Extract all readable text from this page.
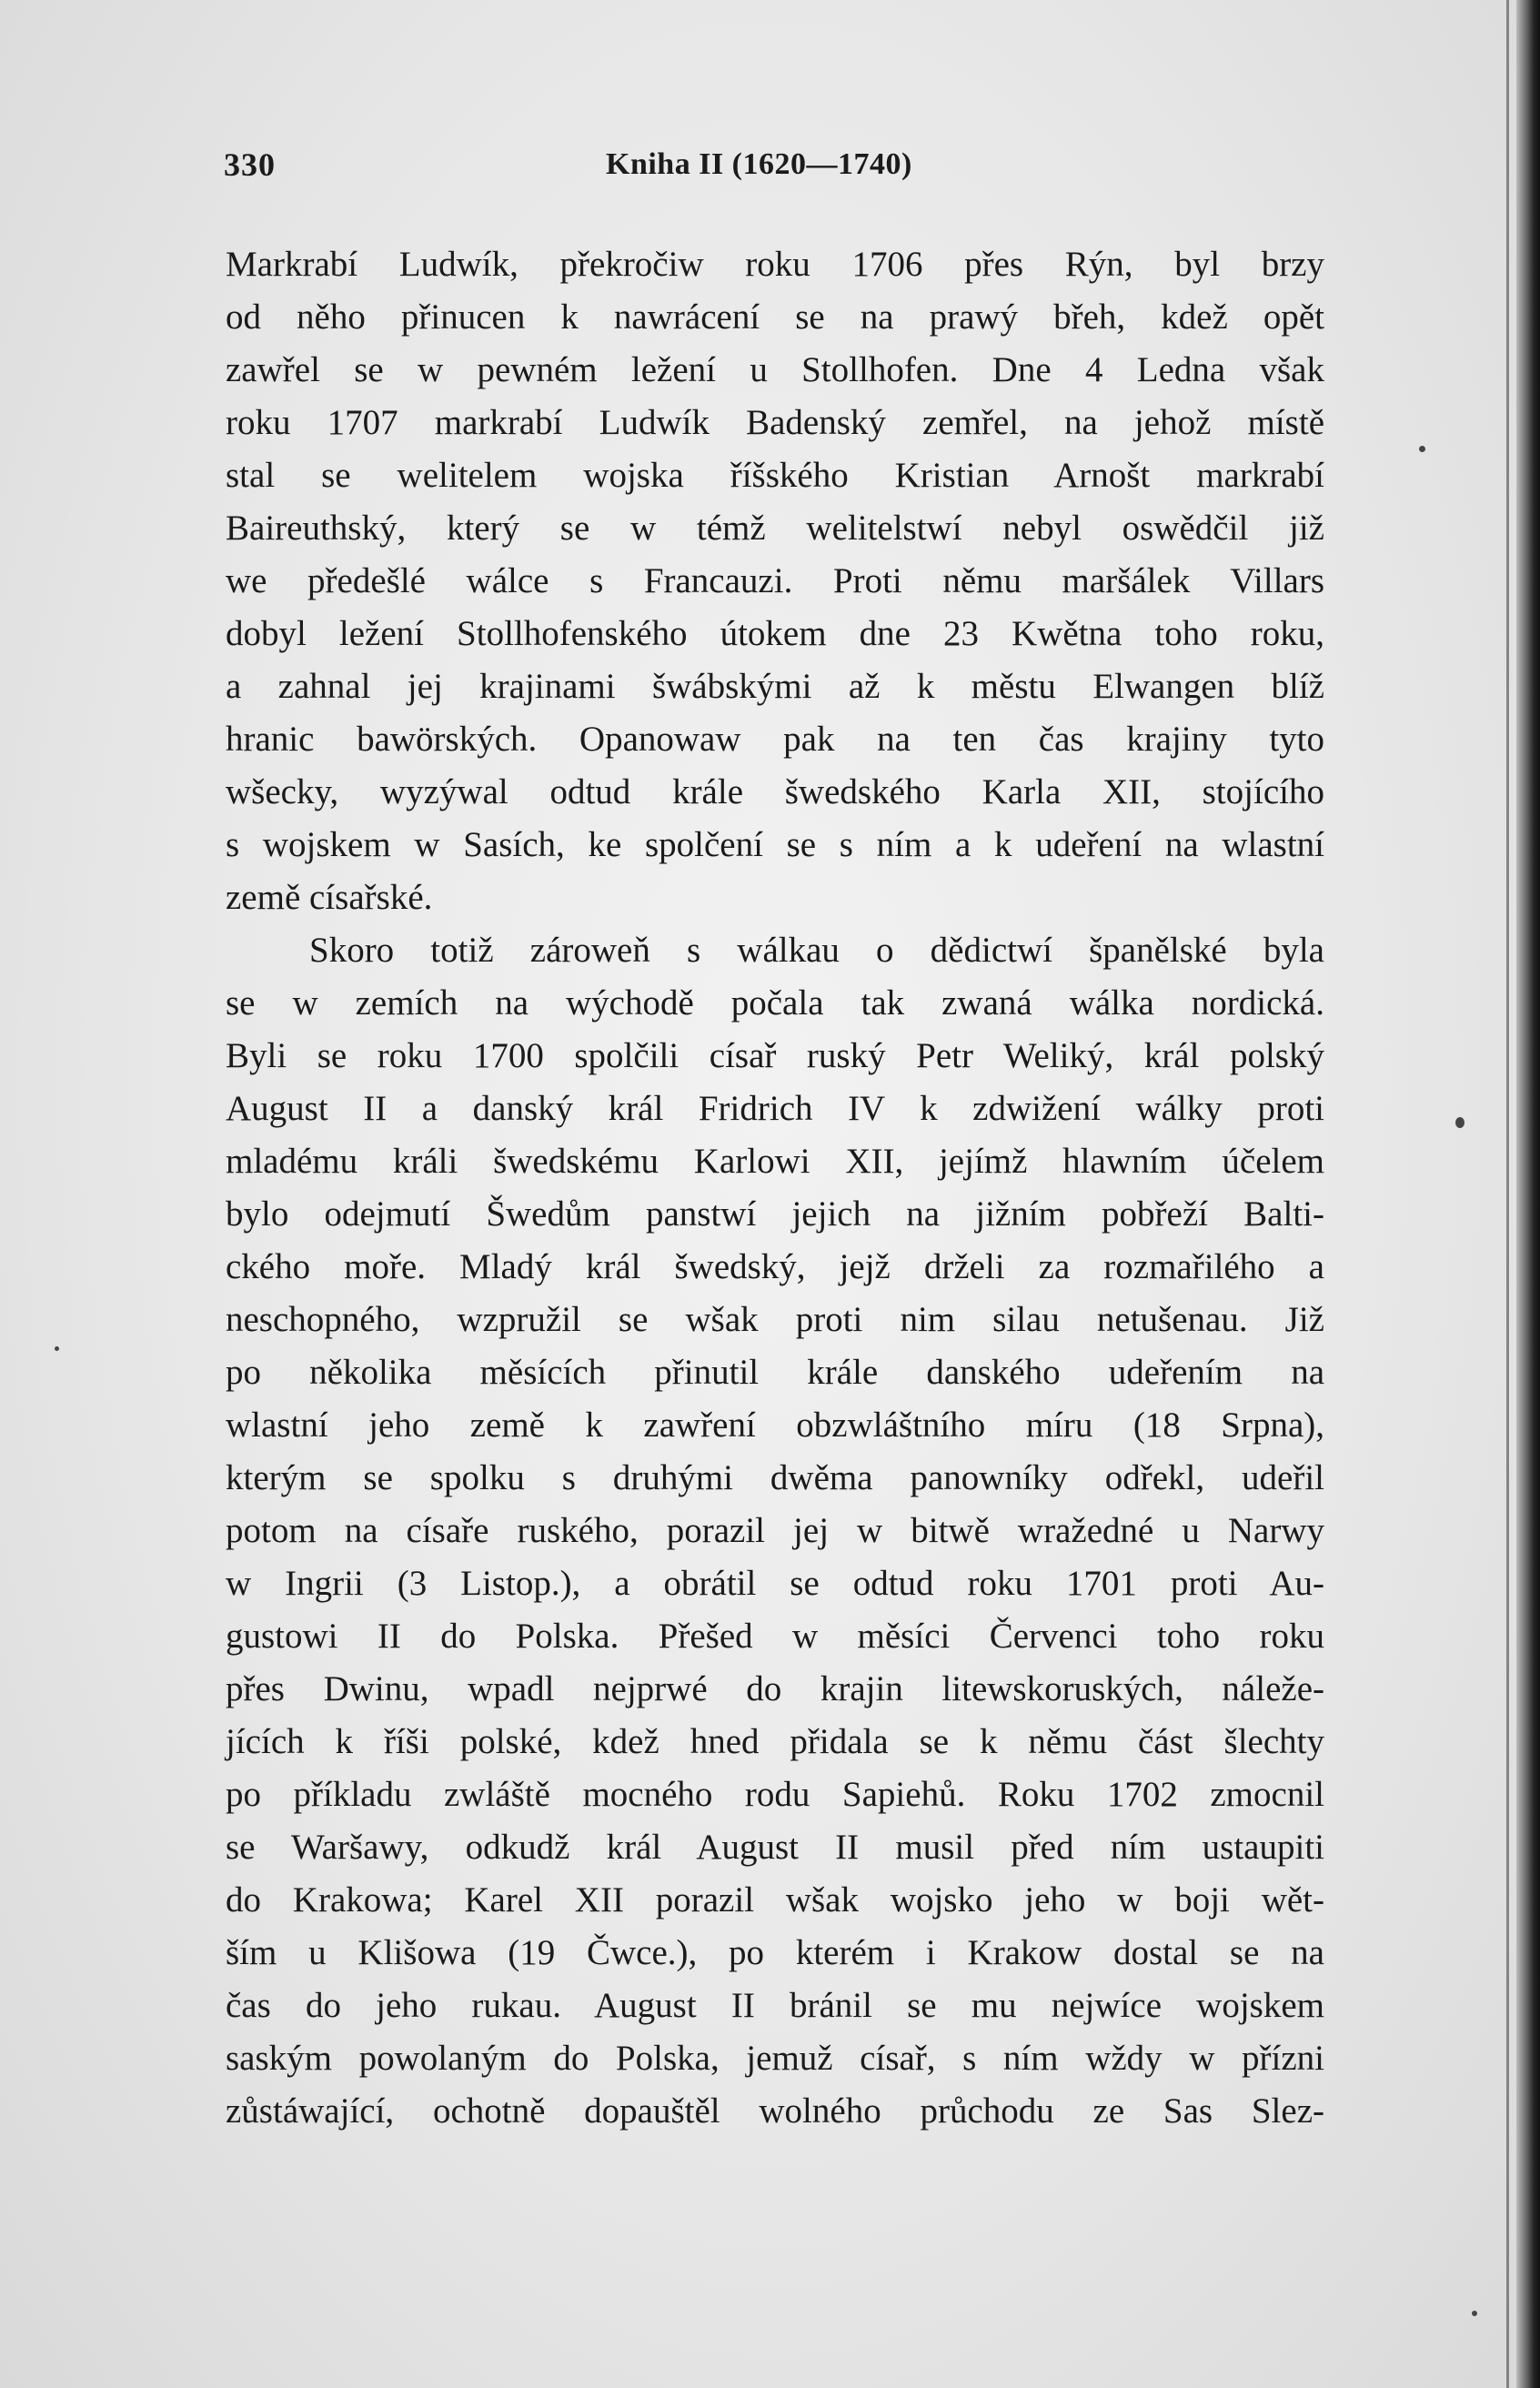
330	Kniha II (1620—1740)
Markrabí Ludwík, překročiw roku 1706 přes Rýn, byl brzy
od něho přinucen k nawrácení se na prawý břeh, kdež opět
zawřel se w pewném ležení u Stollhofen. Dne 4 Ledna však
roku 1707 markrabí Ludwík Badenský zemřel, na jehož místě
stal se welitelem wojska říšského Kristian Arnošt markrabí
Baireuthský, který se w témž welitelstwí nebyl oswědčil již
we předešlé wálce s Francauzi. Proti němu maršálek Villars
dobyl ležení Stollhofenského útokem dne 23 Kwětna toho roku,
a zahnal jej krajinami šwábskými až k městu Elwangen blíž
hranic bawörských. Opanowaw pak na ten čas krajiny tyto
wšecky, wyzýwal odtud krále šwedského Karla XII, stojícího
s wojskem w Sasích, ke spolčení se s ním a k udeření na wlastní
země císařské.
Skoro totiž zároweň s wálkau o dědictwí španělské byla
se w zemích na wýchodě počala tak zwaná wálka nordická.
Byli se roku 1700 spolčili císař ruský Petr Weliký, král polský
August II a danský král Fridrich IV k zdwižení wálky proti
mladému králi šwedskému Karlowi XII, jejímž hlawním účelem
bylo odejmutí Šwedům panstwí jejich na jižním pobřeží Balti-
ckého moře. Mladý král šwedský, jejž drželi za rozmařilého a
neschopného, wzpružil se wšak proti nim silau netušenau. Již
po několika měsících přinutil krále danského udeřením na
wlastní jeho země k zawření obzwláštního míru (18 Srpna),
kterým se spolku s druhými dwěma panowníky odřekl, udeřil
potom na císaře ruského, porazil jej w bitwě wražedné u Narwy
w Ingrii (3 Listop.), a obrátil se odtud roku 1701 proti Au-
gustowi II do Polska. Přešed w měsíci Červenci toho roku
přes Dwinu, wpadl nejprwé do krajin litewskoruských, náleže-
jících k říši polské, kdež hned přidala se k němu část šlechty
po příkladu zwláště mocného rodu Sapiehů. Roku 1702 zmocnil
se Waršawy, odkudž král August II musil před ním ustaupiti
do Krakowa; Karel XII porazil wšak wojsko jeho w boji wět-
ším u Klišowa (19 Čwce.), po kterém i Krakow dostal se na
čas do jeho rukau. August II bránil se mu nejwíce wojskem
saským powolaným do Polska, jemuž císař, s ním wždy w přízni
zůstáwající, ochotně dopauštěl wolného průchodu ze Sas Slez-
